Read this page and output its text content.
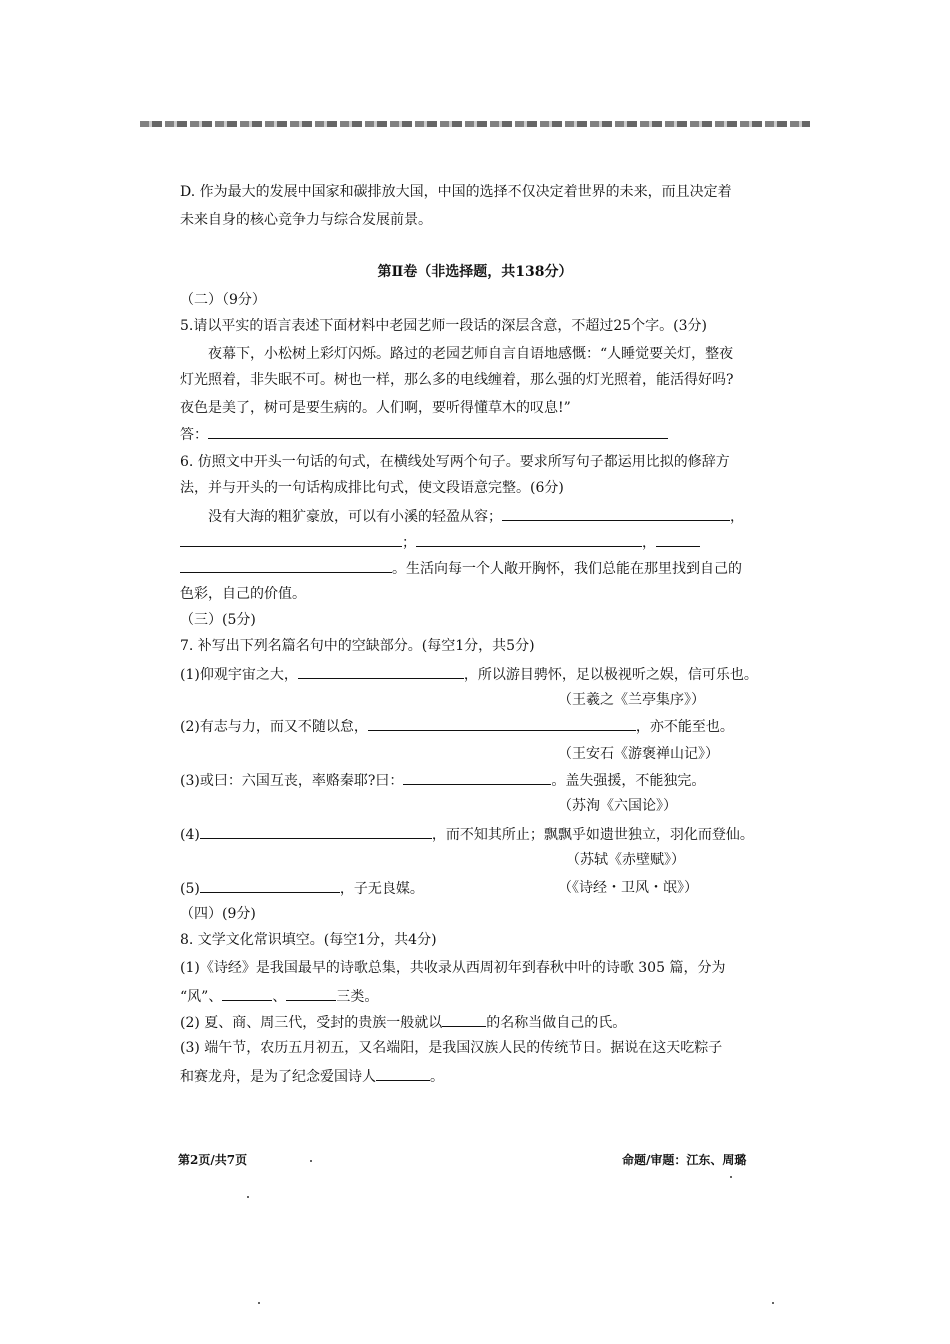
D. 作为最大的发展中国家和碳排放大国，中国的选择不仅决定着世界的未来，而且决定着
未来自身的核心竞争力与综合发展前景。
第Ⅱ卷（非选择题，共138分）
（二）（9分）
5.请以平实的语言表述下面材料中老园艺师一段话的深层含意，不超过25个字。(3分)
夜幕下，小松树上彩灯闪烁。路过的老园艺师自言自语地感慨：“人睡觉要关灯，整夜
灯光照着，非失眠不可。树也一样，那么多的电线缠着，那么强的灯光照着，能活得好吗?
夜色是美了，树可是要生病的。人们啊，要听得懂草木的叹息!”
答：
6. 仿照文中开头一句话的句式，在横线处写两个句子。要求所写句子都运用比拟的修辞方
法，并与开头的一句话构成排比句式，使文段语意完整。(6分)
没有大海的粗犷豪放，可以有小溪的轻盈从容；	，
；	，
。生活向每一个人敞开胸怀，我们总能在那里找到自己的
色彩，自己的价值。
（三）(5分)
7. 补写出下列名篇名句中的空缺部分。(每空1分，共5分)
(1)仰观宇宙之大，	，所以游目骋怀，足以极视听之娱，信可乐也。
（王羲之《兰亭集序》）
(2)有志与力，而又不随以怠，	，亦不能至也。
（王安石《游褒禅山记》）
(3)或曰：六国互丧，率赂秦耶?曰：	。盖失强援，不能独完。
（苏洵《六国论》）
(4)	，而不知其所止；飘飘乎如遗世独立，羽化而登仙。
（苏轼《赤壁赋》）
(5)	，子无良媒。	（《诗经・卫风・氓》）
（四）(9分)
8. 文学文化常识填空。(每空1分，共4分)
(1)《诗经》是我国最早的诗歌总集，共收录从西周初年到春秋中叶的诗歌 305 篇，分为
“风”、	、	三类。
(2) 夏、商、周三代，受封的贵族一般就以	的名称当做自己的氏。
(3) 端午节，农历五月初五，又名端阳，是我国汉族人民的传统节日。据说在这天吃粽子
和赛龙舟，是为了纪念爱国诗人	。
第2页/共7页	命题/审题：江东、周璐
